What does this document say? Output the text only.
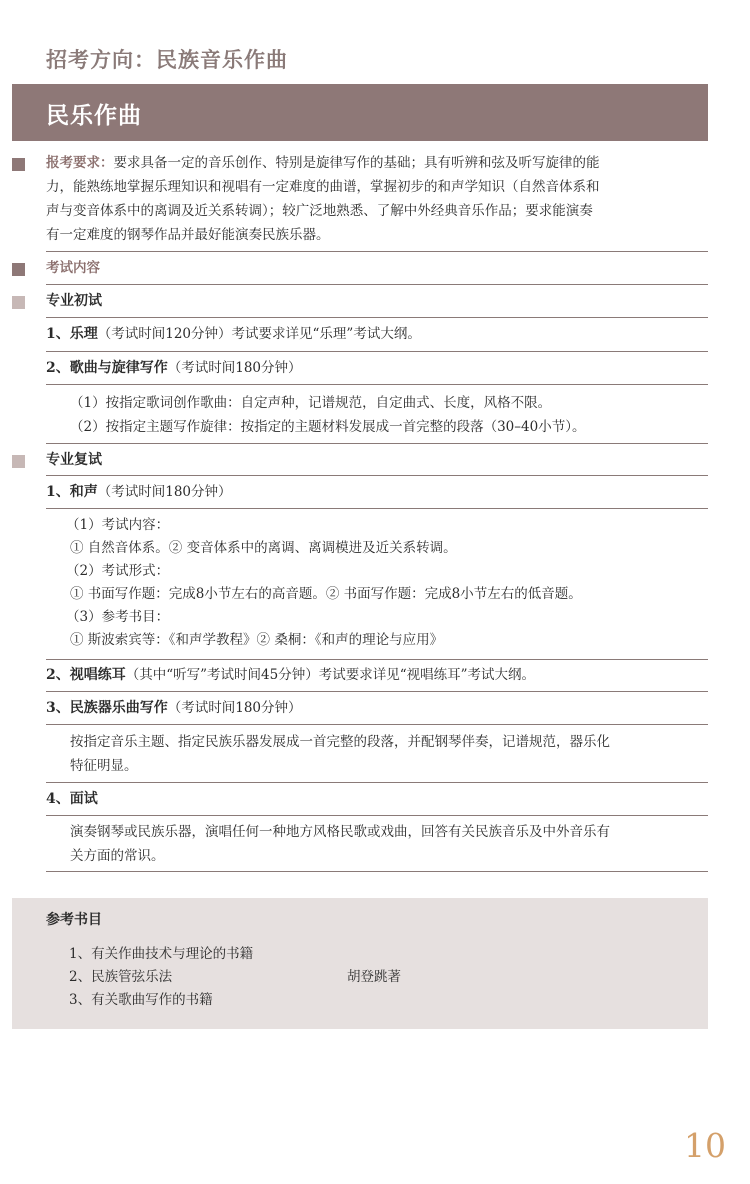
招考方向：民族音乐作曲
民乐作曲
报考要求：要求具备一定的音乐创作、特别是旋律写作的基础；具有听辨和弦及听写旋律的能
力，能熟练地掌握乐理知识和视唱有一定难度的曲谱，掌握初步的和声学知识（自然音体系和
声与变音体系中的离调及近关系转调）；较广泛地熟悉、了解中外经典音乐作品；要求能演奏
有一定难度的钢琴作品并最好能演奏民族乐器。
考试内容
专业初试
1、乐理（考试时间120分钟）考试要求详见“乐理”考试大纲。
2、歌曲与旋律写作（考试时间180分钟）
（1）按指定歌词创作歌曲：自定声种，记谱规范，自定曲式、长度，风格不限。
（2）按指定主题写作旋律：按指定的主题材料发展成一首完整的段落（30–40小节）。
专业复试
1、和声（考试时间180分钟）
（1）考试内容：
① 自然音体系。② 变音体系中的离调、离调模进及近关系转调。
（2）考试形式：
① 书面写作题：完成8小节左右的高音题。② 书面写作题：完成8小节左右的低音题。
（3）参考书目：
① 斯波索宾等：《和声学教程》② 桑桐：《和声的理论与应用》
2、视唱练耳（其中“听写”考试时间45分钟）考试要求详见“视唱练耳”考试大纲。
3、民族器乐曲写作（考试时间180分钟）
按指定音乐主题、指定民族乐器发展成一首完整的段落，并配钢琴伴奏，记谱规范，器乐化
特征明显。
4、面试
演奏钢琴或民族乐器，演唱任何一种地方风格民歌或戏曲，回答有关民族音乐及中外音乐有
关方面的常识。
参考书目
1、有关作曲技术与理论的书籍
2、民族管弦乐法	胡登跳著
3、有关歌曲写作的书籍
10
